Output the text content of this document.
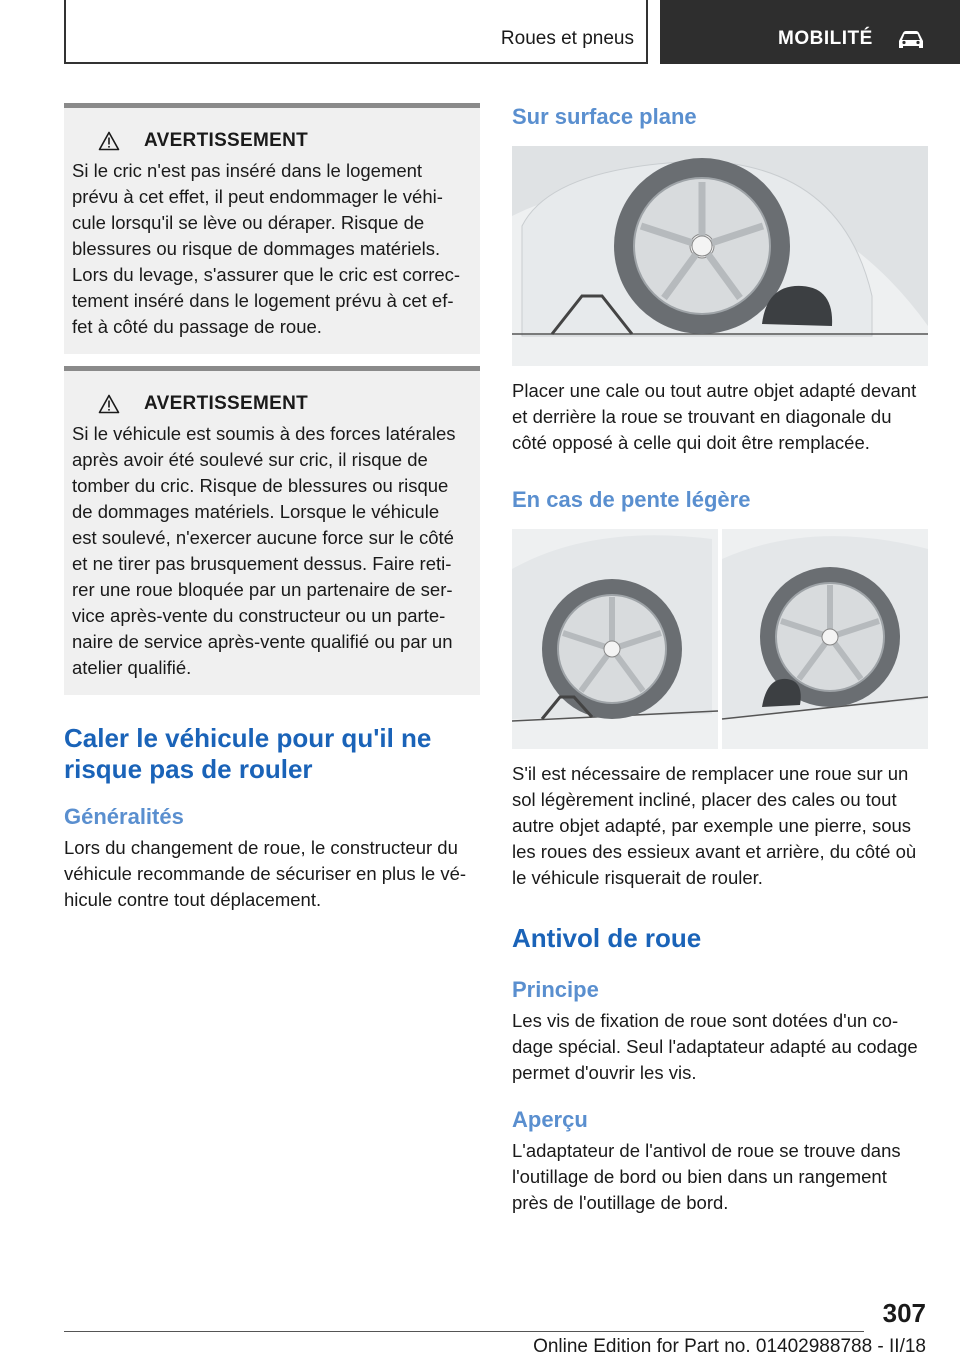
Roues et pneus	MOBILITÉ
AVERTISSEMENT

Si le cric n'est pas inséré dans le logement
prévu à cet effet, il peut endommager le véhi-
cule lorsqu'il se lève ou déraper. Risque de
blessures ou risque de dommages matériels.
Lors du levage, s'assurer que le cric est correc-
tement inséré dans le logement prévu à cet ef-
fet à côté du passage de roue.

AVERTISSEMENT

Si le véhicule est soumis à des forces latérales
après avoir été soulevé sur cric, il risque de
tomber du cric. Risque de blessures ou risque
de dommages matériels. Lorsque le véhicule
est soulevé, n'exercer aucune force sur le côté
et ne tirer pas brusquement dessus. Faire reti-
rer une roue bloquée par un partenaire de ser-
vice après-vente du constructeur ou un parte-
naire de service après-vente qualifié ou par un
atelier qualifié.

Caler le véhicule pour qu'il ne
risque pas de rouler
Généralités

Lors du changement de roue, le constructeur du
véhicule recommande de sécuriser en plus le vé-
hicule contre tout déplacement.

Sur surface plane

Placer une cale ou tout autre objet adapté devant
et derrière la roue se trouvant en diagonale du
côté opposé à celle qui doit être remplacée.

En cas de pente légère

S'il est nécessaire de remplacer une roue sur un
sol légèrement incliné, placer des cales ou tout
autre objet adapté, par exemple une pierre, sous
les roues des essieux avant et arrière, du côté où
le véhicule risquerait de rouler.

Antivol de roue
Principe

Les vis de fixation de roue sont dotées d'un co-
dage spécial. Seul l'adaptateur adapté au codage
permet d'ouvrir les vis.

Aperçu

L'adaptateur de l'antivol de roue se trouve dans
l'outillage de bord ou bien dans un rangement
près de l'outillage de bord.

307
Online Edition for Part no. 01402988788 - II/18
